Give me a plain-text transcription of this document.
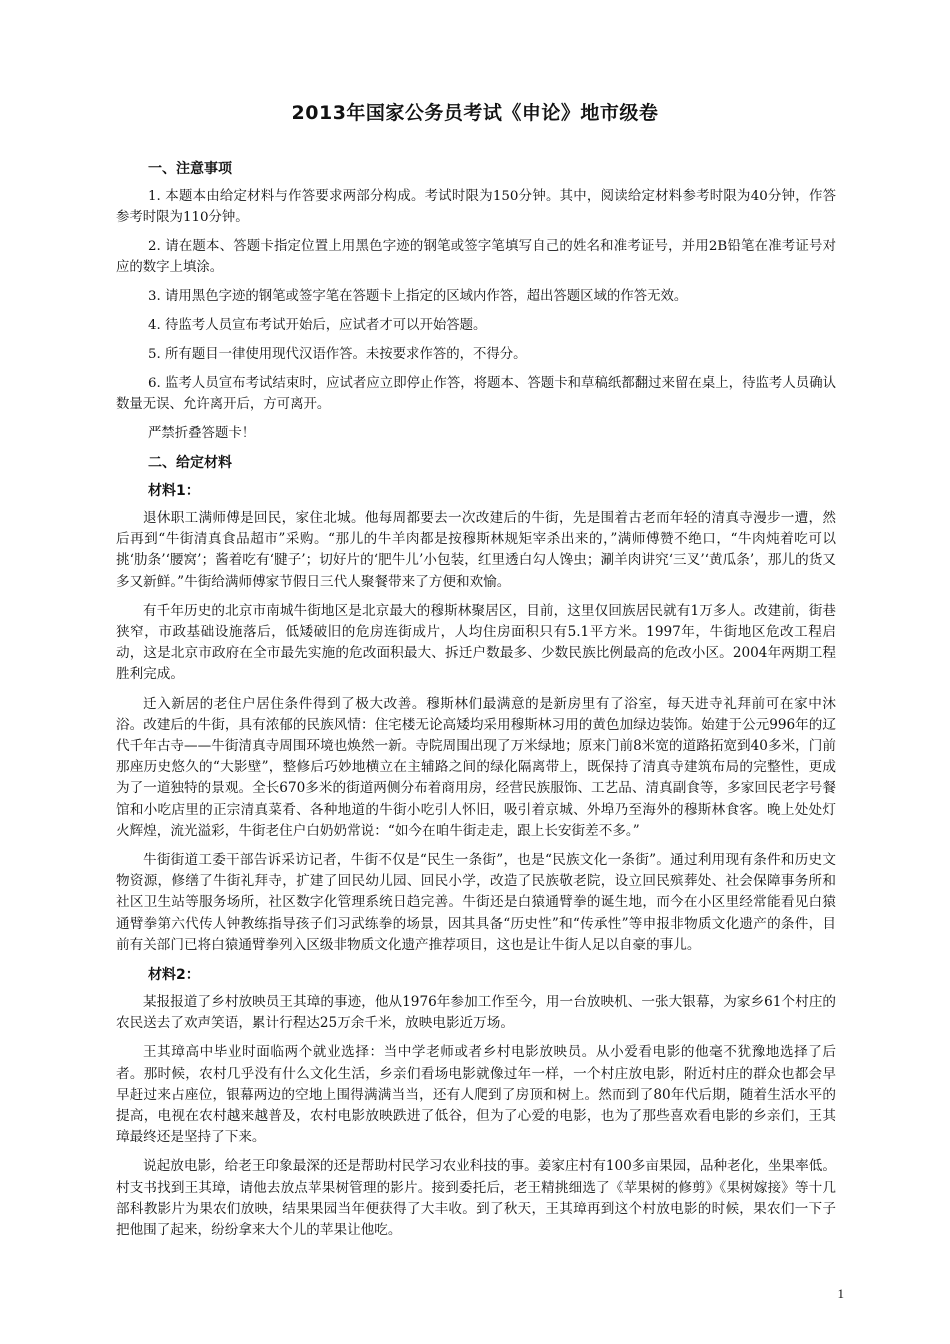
2013年国家公务员考试《申论》地市级卷
一、注意事项

1. 本题本由给定材料与作答要求两部分构成。考试时限为150分钟。其中，阅读给定材料参考时限为40分钟，作答参考时限为110分钟。

2. 请在题本、答题卡指定位置上用黑色字迹的钢笔或签字笔填写自己的姓名和准考证号，并用2B铅笔在准考证号对应的数字上填涂。

3. 请用黑色字迹的钢笔或签字笔在答题卡上指定的区域内作答，超出答题区域的作答无效。

4. 待监考人员宣布考试开始后，应试者才可以开始答题。

5. 所有题目一律使用现代汉语作答。未按要求作答的，不得分。

6. 监考人员宣布考试结束时，应试者应立即停止作答，将题本、答题卡和草稿纸都翻过来留在桌上，待监考人员确认数量无误、允许离开后，方可离开。

严禁折叠答题卡！

二、给定材料
材料1：

退休职工满师傅是回民，家住北城。他每周都要去一次改建后的牛街，先是围着古老而年轻的清真寺漫步一遭，然后再到“牛街清真食品超市”采购。“那儿的牛羊肉都是按穆斯林规矩宰杀出来的，”满师傅赞不绝口，“牛肉炖着吃可以挑‘肋条’‘腰窝’；酱着吃有‘腱子’；切好片的‘肥牛儿’小包装，红里透白勾人馋虫；涮羊肉讲究‘三叉’‘黄瓜条’，那儿的货又多又新鲜。”牛街给满师傅家节假日三代人聚餐带来了方便和欢愉。

有千年历史的北京市南城牛街地区是北京最大的穆斯林聚居区，目前，这里仅回族居民就有1万多人。改建前，街巷狭窄，市政基础设施落后，低矮破旧的危房连街成片，人均住房面积只有5.1平方米。1997年，牛街地区危改工程启动，这是北京市政府在全市最先实施的危改面积最大、拆迁户数最多、少数民族比例最高的危改小区。2004年两期工程胜利完成。

迁入新居的老住户居住条件得到了极大改善。穆斯林们最满意的是新房里有了浴室，每天进寺礼拜前可在家中沐浴。改建后的牛街，具有浓郁的民族风情：住宅楼无论高矮均采用穆斯林习用的黄色加绿边装饰。始建于公元996年的辽代千年古寺——牛街清真寺周围环境也焕然一新。寺院周围出现了万米绿地；原来门前8米宽的道路拓宽到40多米，门前那座历史悠久的“大影壁”，整修后巧妙地横立在主辅路之间的绿化隔离带上，既保持了清真寺建筑布局的完整性，更成为了一道独特的景观。全长670多米的街道两侧分布着商用房，经营民族服饰、工艺品、清真副食等，多家回民老字号餐馆和小吃店里的正宗清真菜肴、各种地道的牛街小吃引人怀旧，吸引着京城、外埠乃至海外的穆斯林食客。晚上处处灯火辉煌，流光溢彩，牛街老住户白奶奶常说：“如今在咱牛街走走，跟上长安街差不多。”

牛街街道工委干部告诉采访记者，牛街不仅是“民生一条街”，也是“民族文化一条街”。通过利用现有条件和历史文物资源，修缮了牛街礼拜寺，扩建了回民幼儿园、回民小学，改造了民族敬老院，设立回民殡葬处、社会保障事务所和社区卫生站等服务场所，社区数字化管理系统日趋完善。牛街还是白猿通臂拳的诞生地，而今在小区里经常能看见白猿通臂拳第六代传人钟教练指导孩子们习武练拳的场景，因其具备“历史性”和“传承性”等申报非物质文化遗产的条件，目前有关部门已将白猿通臂拳列入区级非物质文化遗产推荐项目，这也是让牛街人足以自豪的事儿。

材料2：

某报报道了乡村放映员王其璋的事迹，他从1976年参加工作至今，用一台放映机、一张大银幕，为家乡61个村庄的农民送去了欢声笑语，累计行程达25万余千米，放映电影近万场。

王其璋高中毕业时面临两个就业选择：当中学老师或者乡村电影放映员。从小爱看电影的他毫不犹豫地选择了后者。那时候，农村几乎没有什么文化生活，乡亲们看场电影就像过年一样，一个村庄放电影，附近村庄的群众也都会早早赶过来占座位，银幕两边的空地上围得满满当当，还有人爬到了房顶和树上。然而到了80年代后期，随着生活水平的提高，电视在农村越来越普及，农村电影放映跌进了低谷，但为了心爱的电影，也为了那些喜欢看电影的乡亲们，王其璋最终还是坚持了下来。

说起放电影，给老王印象最深的还是帮助村民学习农业科技的事。姜家庄村有100多亩果园，品种老化，坐果率低。村支书找到王其璋，请他去放点苹果树管理的影片。接到委托后，老王精挑细选了《苹果树的修剪》《果树嫁接》等十几部科教影片为果农们放映，结果果园当年便获得了大丰收。到了秋天，王其璋再到这个村放电影的时候，果农们一下子把他围了起来，纷纷拿来大个儿的苹果让他吃。

1
